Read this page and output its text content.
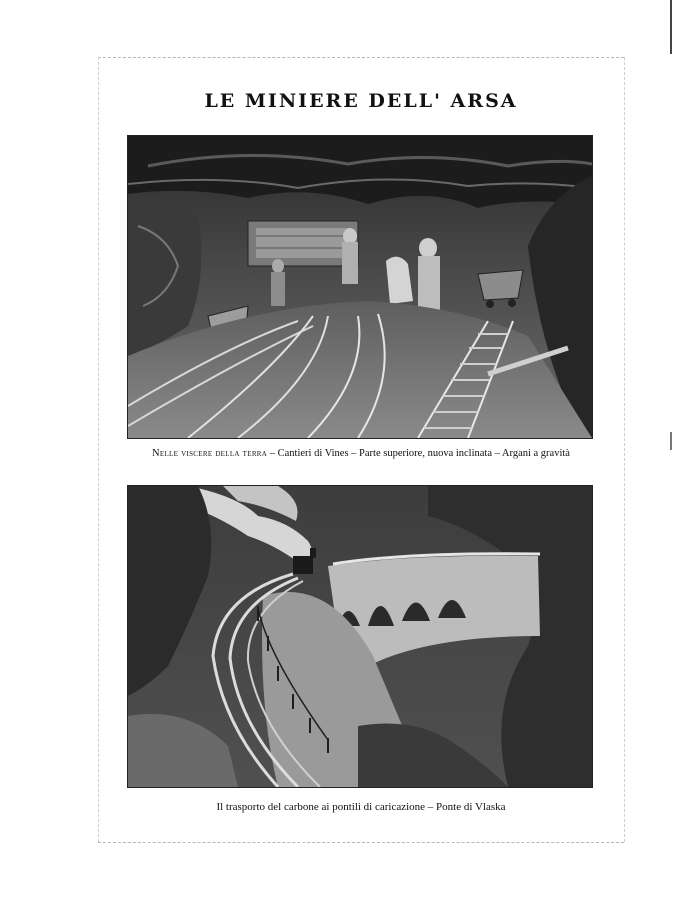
LE MINIERE DELL' ARSA
Nelle viscere della terra – Cantieri di Vines – Parte superiore, nuova inclinata – Argani a gravità
Il trasporto del carbone ai pontili di caricazione – Ponte di Vlaska
